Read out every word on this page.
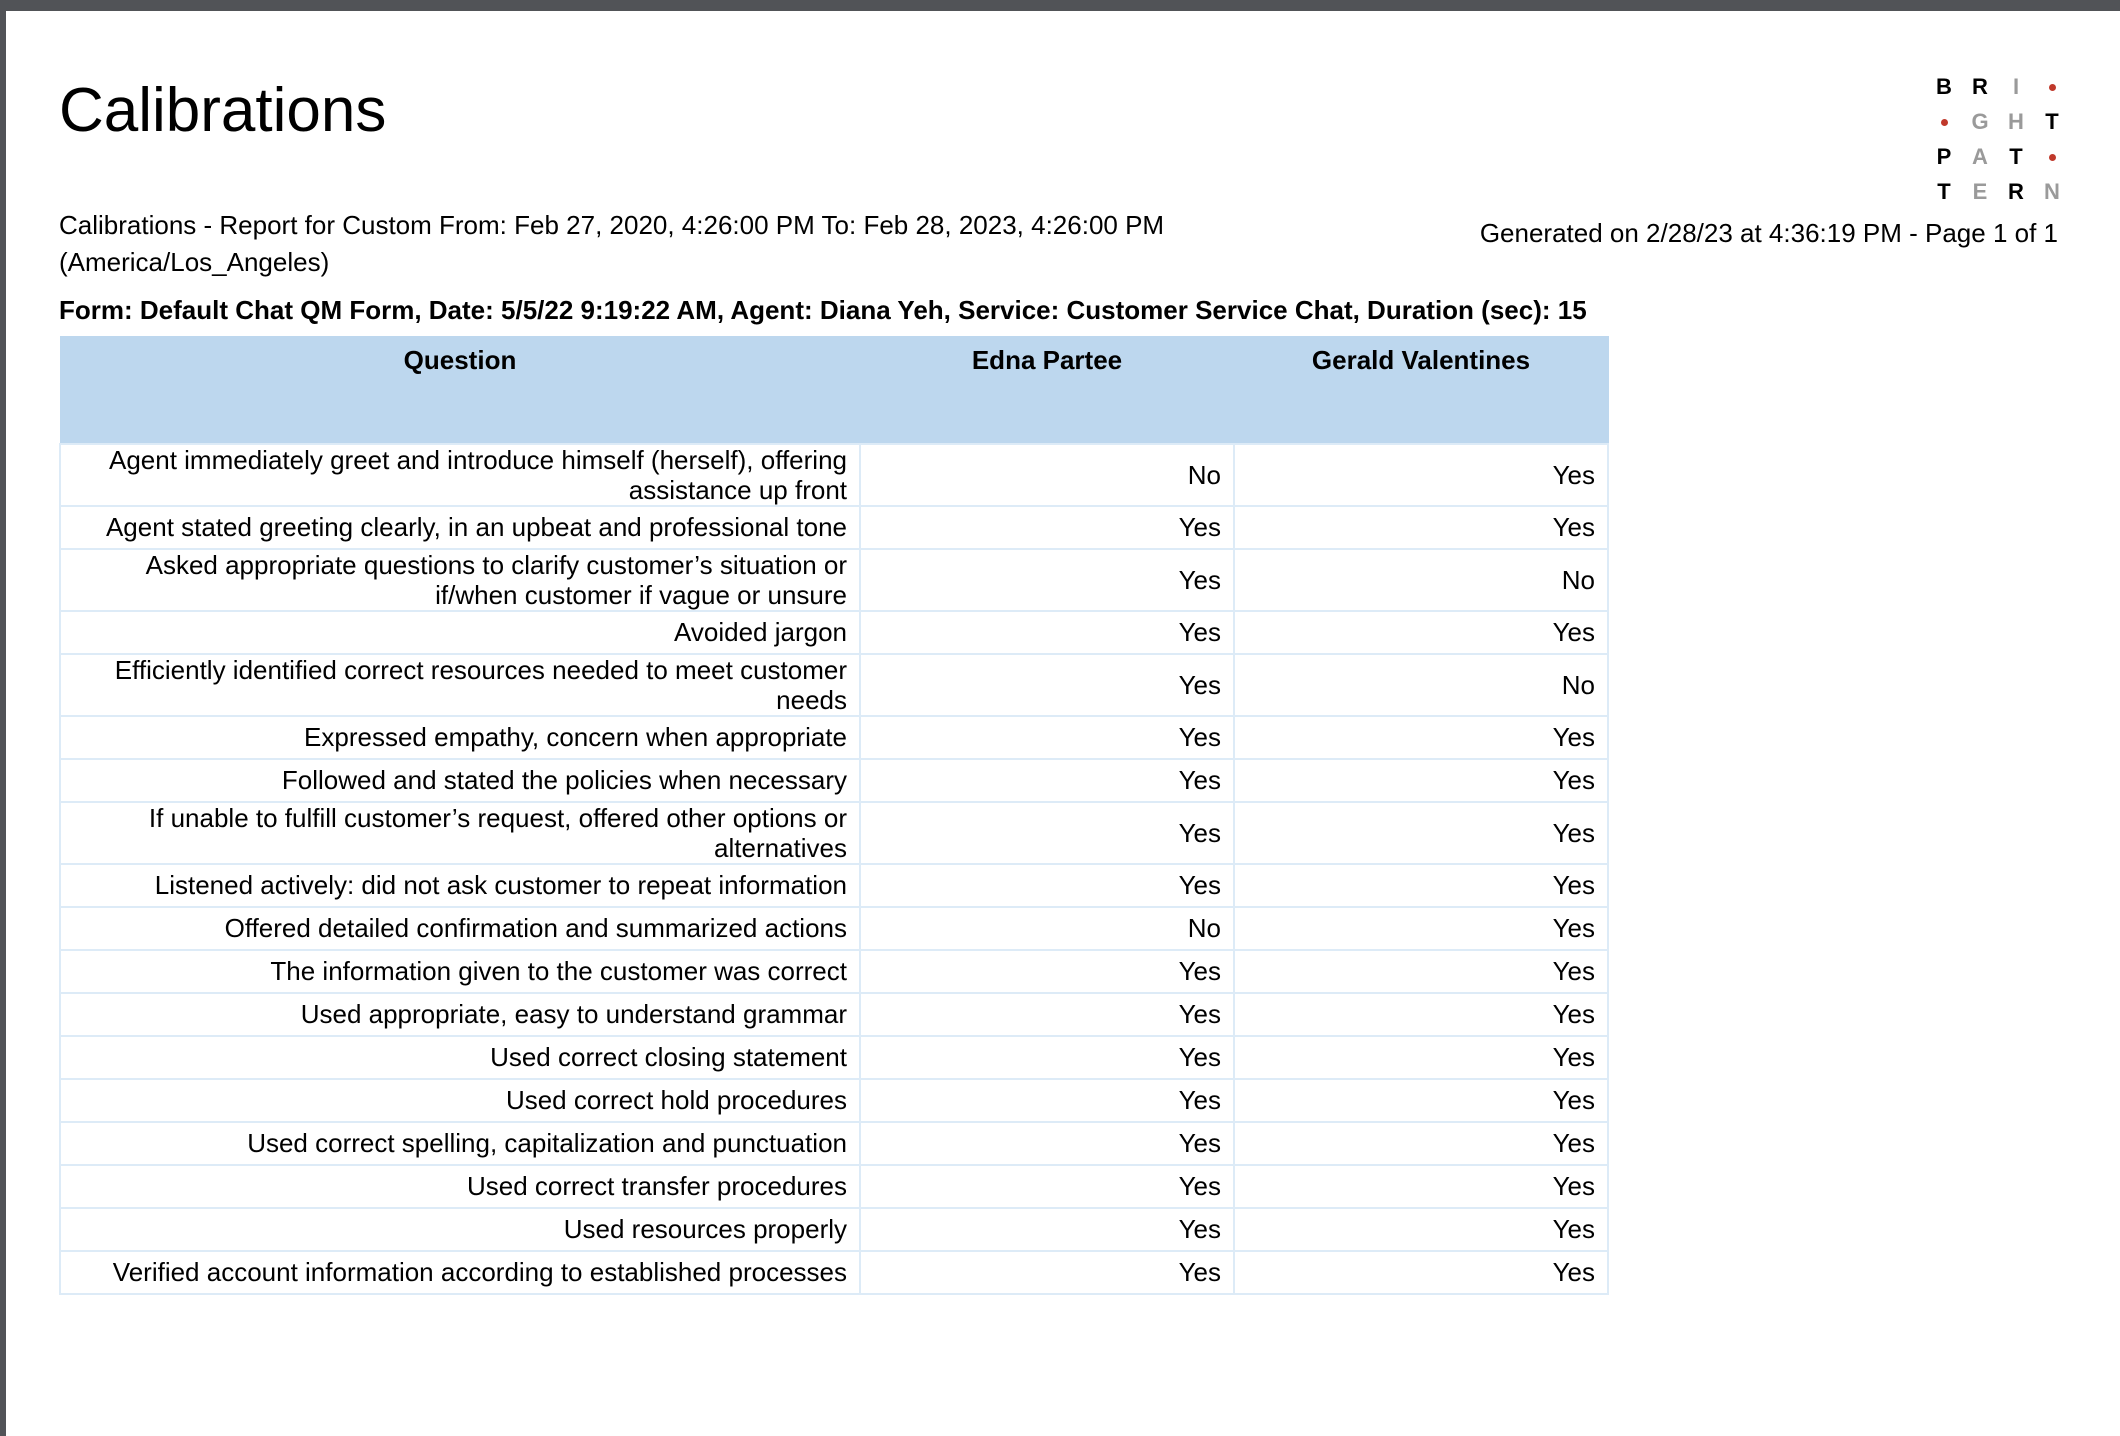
Calibrations	B R	I
G H T
P A T
T E R N
Calibrations - Report for Custom From: Feb 27, 2020, 4:26:00 PM To: Feb 28, 2023, 4:26:00 PM (America/Los_Angeles)
Generated on 2/28/23 at 4:36:19 PM - Page 1 of 1
Form: Default Chat QM Form, Date: 5/5/22 9:19:22 AM, Agent: Diana Yeh, Service: Customer Service Chat, Duration (sec): 15
Question	Edna Partee	Gerald Valentines
Agent immediately greet and introduce himself (herself), offering assistance up front	No	Yes
Agent stated greeting clearly, in an upbeat and professional tone	Yes	Yes
Asked appropriate questions to clarify customer’s situation or if/when customer if vague or unsure	Yes	No
Avoided jargon	Yes	Yes
Efficiently identified correct resources needed to meet customer needs	Yes	No
Expressed empathy, concern when appropriate	Yes	Yes
Followed and stated the policies when necessary	Yes	Yes
If unable to fulfill customer’s request, offered other options or alternatives	Yes	Yes
Listened actively: did not ask customer to repeat information	Yes	Yes
Offered detailed confirmation and summarized actions	No	Yes
The information given to the customer was correct	Yes	Yes
Used appropriate, easy to understand grammar	Yes	Yes
Used correct closing statement	Yes	Yes
Used correct hold procedures	Yes	Yes
Used correct spelling, capitalization and punctuation	Yes	Yes
Used correct transfer procedures	Yes	Yes
Used resources properly	Yes	Yes
Verified account information according to established processes	Yes	Yes
